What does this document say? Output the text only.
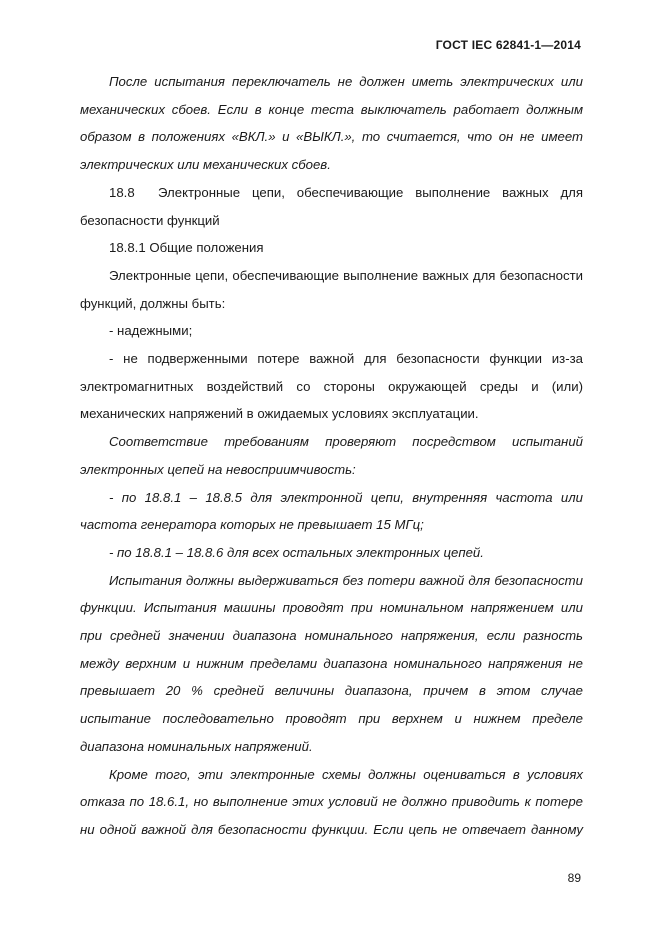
ГОСТ IEC 62841-1—2014

После испытания переключатель не должен иметь электрических или механических сбоев. Если в конце теста выключатель работает должным образом в положениях «ВКЛ.» и «ВЫКЛ.», то считается, что он не имеет электрических или механических сбоев.

18.8 Электронные цепи, обеспечивающие выполнение важных для безопасности функций

18.8.1 Общие положения

Электронные цепи, обеспечивающие выполнение важных для безопасности функций, должны быть:

- надежными;

- не подверженными потере важной для безопасности функции из-за электромагнитных воздействий со стороны окружающей среды и (или) механических напряжений в ожидаемых условиях эксплуатации.

Соответствие требованиям проверяют посредством испытаний электронных цепей на невосприимчивость:

- по 18.8.1 – 18.8.5 для электронной цепи, внутренняя частота или частота генератора которых не превышает 15 МГц;

- по 18.8.1 – 18.8.6 для всех остальных электронных цепей.

Испытания должны выдерживаться без потери важной для безопасности функции. Испытания машины проводят при номинальном напряжением или при средней значении диапазона номинального напряжения, если разность между верхним и нижним пределами диапазона номинального напряжения не превышает 20 % средней величины диапазона, причем в этом случае испытание последовательно проводят при верхнем и нижнем пределе диапазона номинальных напряжений.

Кроме того, эти электронные схемы должны оцениваться в условиях отказа по 18.6.1, но выполнение этих условий не должно приводить к потере ни одной важной для безопасности функции. Если цепь не отвечает данному

89
